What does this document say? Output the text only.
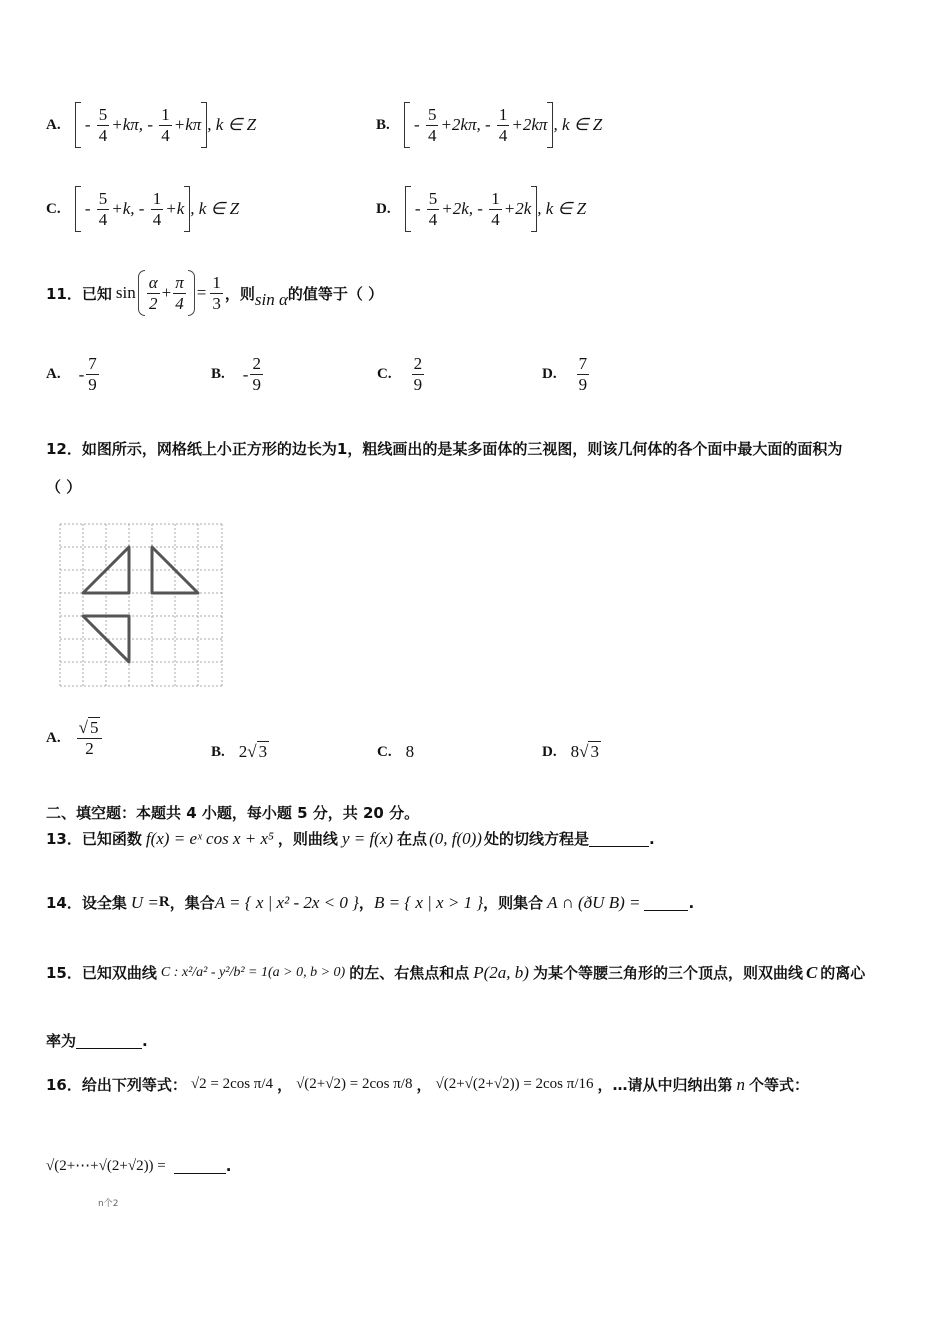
A. - $\frac{5}{4} +k\pi$, - $\frac{1}{4} +k\pi$ , k ∈ Z	B. - $\frac{5}{4} +2k\pi$, - $\frac{1}{4} +2k\pi$ , k ∈ Z
C. - $\frac{5}{4} +k$, - $\frac{1}{4} +k$ , k ∈ Z	D. - $\frac{5}{4} +2k$, - $\frac{1}{4} +2k$ , k ∈ Z
11．已知 $\sin \frac{\alpha}{2} + \frac{\pi}{4} = \frac{1}{3}$ ，则 sin α 的值等于（ ）
A. - $\frac{7}{9}$	B. - $\frac{2}{9}$	C. $\frac{2}{9}$	D. $\frac{7}{9}$
12．如图所示，网格纸上小正方形的边长为1，粗线画出的是某多面体的三视图，则该几何体的各个面中最大面的面积为
（ ）
A. $\frac{√ 5}{2}$	B. 2 √ 3	C. 8	D. 8 √ 3
二、填空题：本题共 4 小题，每小题 5 分，共 20 分。
13．已知函数 f(x) = eˣ cos x + x⁵ ，则曲线 y = f(x) 在点 (0, f(0)) 处的切线方程是	.
14．设全集 U = R ，集合 A = { x | x² - 2x < 0 } ， B = { x | x > 1 } ，则集合 A ∩ (ðU B) =	.
15．已知双曲线 C : x²/a² - y²/b² = 1(a > 0, b > 0) 的左、右焦点和点 P(2a, b) 为某个等腰三角形的三个顶点，则双曲线 C 的离心
率为	.
16．给出下列等式： √2 = 2cos π/4 ， √(2+√2) = 2cos π/8 ， √(2+√(2+√2)) = 2cos π/16 ，…请从中归纳出第 n 个等式：
√(2+⋯+√(2+√2)) =	.
n个2
